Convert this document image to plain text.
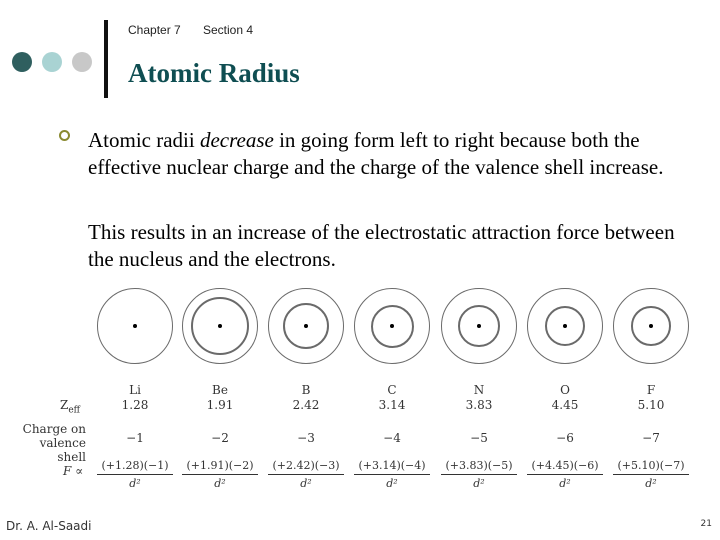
Chapter 7 Section 4
Atomic Radius
Atomic radii decrease in going form left to right because both the effective nuclear charge and the charge of the valence shell increase.
This results in an increase of the electrostatic attraction force between the nucleus and the electrons.
$Z_{eff}$
Charge on
valence shell
F ∝
Li
1.28
−1
(+1.28)(−1)
d²
Be
1.91
−2
(+1.91)(−2)
d²
B
2.42
−3
(+2.42)(−3)
d²
C
3.14
−4
(+3.14)(−4)
d²
N
3.83
−5
(+3.83)(−5)
d²
O
4.45
−6
(+4.45)(−6)
d²
F
5.10
−7
(+5.10)(−7)
d²
Dr. A. Al-Saadi	21
